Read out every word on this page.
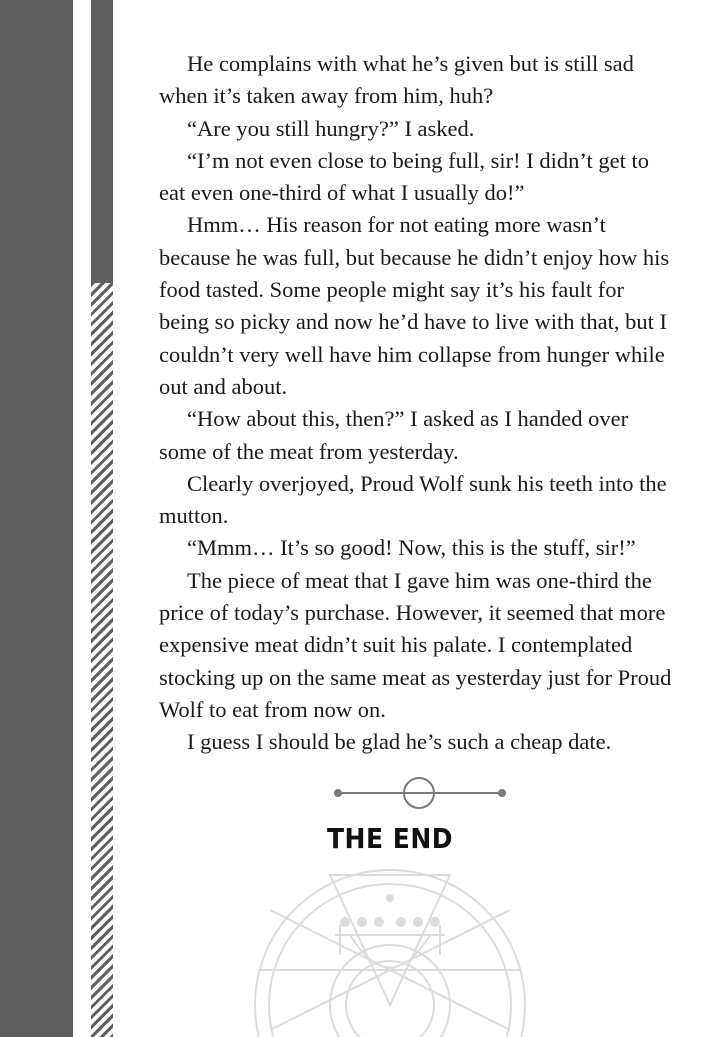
He complains with what he’s given but is still sad when it’s taken away from him, huh?

“Are you still hungry?” I asked.

“I’m not even close to being full, sir! I didn’t get to eat even one-third of what I usually do!”

Hmm… His reason for not eating more wasn’t because he was full, but because he didn’t enjoy how his food tasted. Some people might say it’s his fault for being so picky and now he’d have to live with that, but I couldn’t very well have him collapse from hunger while out and about.

“How about this, then?” I asked as I handed over some of the meat from yesterday.

Clearly overjoyed, Proud Wolf sunk his teeth into the mutton.

“Mmm… It’s so good! Now, this is the stuff, sir!”

The piece of meat that I gave him was one-third the price of today’s purchase. However, it seemed that more expensive meat didn’t suit his palate. I contemplated stocking up on the same meat as yesterday just for Proud Wolf to eat from now on.

I guess I should be glad he’s such a cheap date.

THE END
